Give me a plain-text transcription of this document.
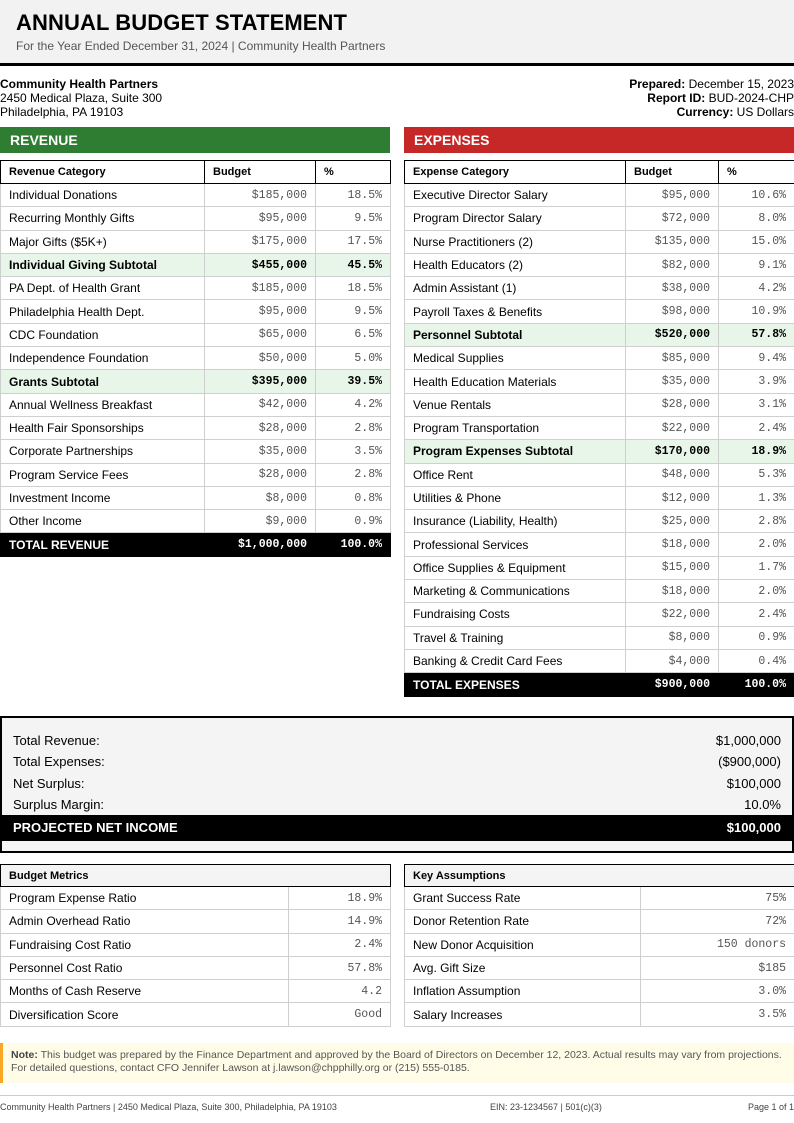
ANNUAL BUDGET STATEMENT
For the Year Ended December 31, 2024 | Community Health Partners
Community Health Partners
2450 Medical Plaza, Suite 300
Philadelphia, PA 19103
Prepared: December 15, 2023
Report ID: BUD-2024-CHP
Currency: US Dollars
REVENUE	EXPENSES
Revenue Category	Budget	%
Individual Donations	$185,000	18.5%
Recurring Monthly Gifts	$95,000	9.5%
Major Gifts ($5K+)	$175,000	17.5%
Individual Giving Subtotal	$455,000	45.5%
PA Dept. of Health Grant	$185,000	18.5%
Philadelphia Health Dept.	$95,000	9.5%
CDC Foundation	$65,000	6.5%
Independence Foundation	$50,000	5.0%
Grants Subtotal	$395,000	39.5%
Annual Wellness Breakfast	$42,000	4.2%
Health Fair Sponsorships	$28,000	2.8%
Corporate Partnerships	$35,000	3.5%
Program Service Fees	$28,000	2.8%
Investment Income	$8,000	0.8%
Other Income	$9,000	0.9%
TOTAL REVENUE	$1,000,000	100.0%
Expense Category	Budget	%
Executive Director Salary	$95,000	10.6%
Program Director Salary	$72,000	8.0%
Nurse Practitioners (2)	$135,000	15.0%
Health Educators (2)	$82,000	9.1%
Admin Assistant (1)	$38,000	4.2%
Payroll Taxes & Benefits	$98,000	10.9%
Personnel Subtotal	$520,000	57.8%
Medical Supplies	$85,000	9.4%
Health Education Materials	$35,000	3.9%
Venue Rentals	$28,000	3.1%
Program Transportation	$22,000	2.4%
Program Expenses Subtotal	$170,000	18.9%
Office Rent	$48,000	5.3%
Utilities & Phone	$12,000	1.3%
Insurance (Liability, Health)	$25,000	2.8%
Professional Services	$18,000	2.0%
Office Supplies & Equipment	$15,000	1.7%
Marketing & Communications	$18,000	2.0%
Fundraising Costs	$22,000	2.4%
Travel & Training	$8,000	0.9%
Banking & Credit Card Fees	$4,000	0.4%
TOTAL EXPENSES	$900,000	100.0%
Total Revenue:	$1,000,000
Total Expenses:	($900,000)
Net Surplus:	$100,000
Surplus Margin:	10.0%
PROJECTED NET INCOME	$100,000
Budget Metrics	
Program Expense Ratio	18.9%
Admin Overhead Ratio	14.9%
Fundraising Cost Ratio	2.4%
Personnel Cost Ratio	57.8%
Months of Cash Reserve	4.2
Diversification Score	Good
Key Assumptions	
Grant Success Rate	75%
Donor Retention Rate	72%
New Donor Acquisition	150 donors
Avg. Gift Size	$185
Inflation Assumption	3.0%
Salary Increases	3.5%
Note: This budget was prepared by the Finance Department and approved by the Board of Directors on December 12, 2023. Actual results may vary from projections. For detailed questions, contact CFO Jennifer Lawson at j.lawson@chpphilly.org or (215) 555-0185.
Community Health Partners | 2450 Medical Plaza, Suite 300, Philadelphia, PA 19103	EIN: 23-1234567 | 501(c)(3)	Page 1 of 1
